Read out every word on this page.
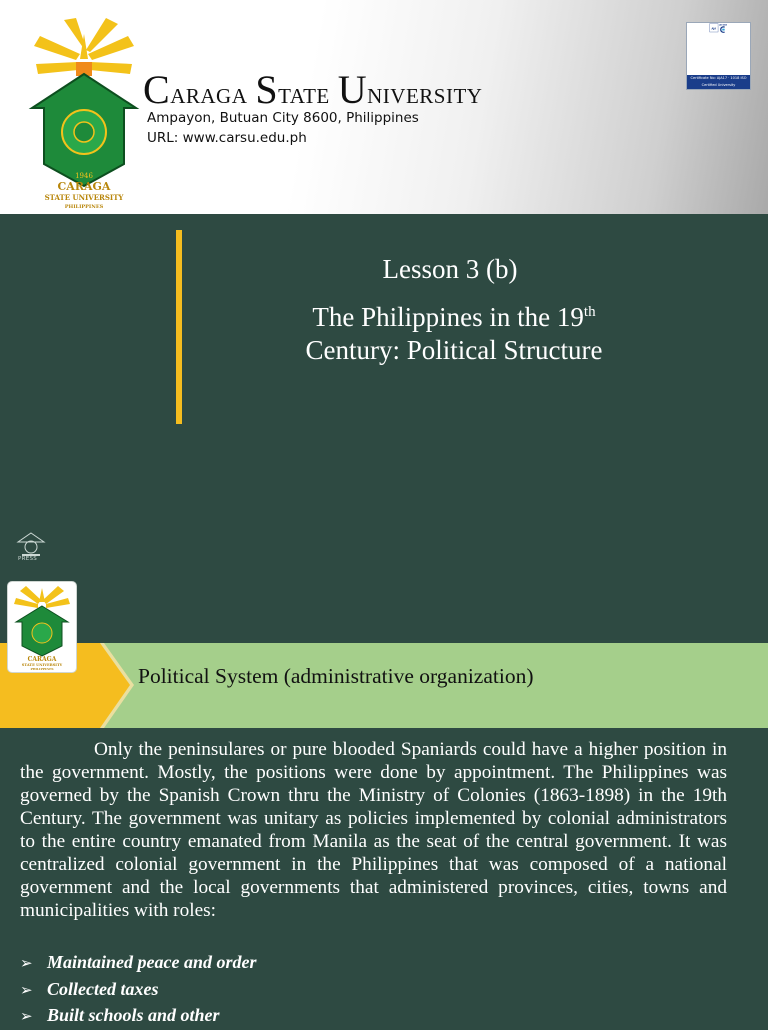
1946
CARAGA
STATE UNIVERSITY
PHILIPPINES
Caraga State University
Ampayon, Butuan City 8600, Philippines
URL: www.carsu.edu.ph
AJA
JAS-ANZ
Certificate No: AJA17 · 1018 ISO Certified University
Lesson 3 (b)
The Philippines in the 19th
Century: Political Structure
PRESS
CARAGA
STATE UNIVERSITY
PHILIPPINES	Political System (administrative organization)

Only the peninsulares or pure blooded Spaniards could have a higher position in the government. Mostly, the positions were done by appointment. The Philippines was governed by the Spanish Crown thru the Ministry of Colonies (1863-1898) in the 19th Century. The government was unitary as policies implemented by colonial administrators to the entire country emanated from Manila as the seat of the central government. It was centralized colonial government in the Philippines that was composed of a national government and the local governments that administered provinces, cities, towns and municipalities with roles:

➢ Maintained peace and order
➢ Collected taxes
➢ Built schools and other
